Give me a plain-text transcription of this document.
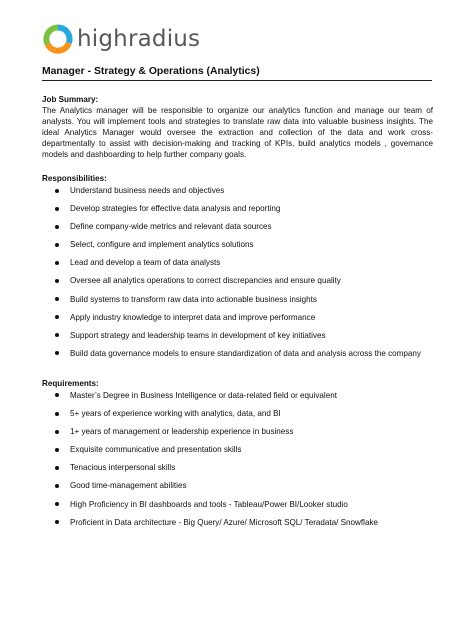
highradius
Manager - Strategy & Operations (Analytics)

Job Summary:

The Analytics manager will be responsible to organize our analytics function and manage our team of analysts. You will implement tools and strategies to translate raw data into valuable business insights. The ideal Analytics Manager would oversee the extraction and collection of the data and work cross-departmentally to assist with decision-making and tracking of KPIs, build analytics models , governance models and dashboarding to help further company goals.

Responsibilities:

Understand business needs and objectives
Develop strategies for effective data analysis and reporting
Define company-wide metrics and relevant data sources
Select, configure and implement analytics solutions
Lead and develop a team of data analysts
Oversee all analytics operations to correct discrepancies and ensure quality
Build systems to transform raw data into actionable business insights
Apply industry knowledge to interpret data and improve performance
Support strategy and leadership teams in development of key initiatives
Build data governance models to ensure standardization of data and analysis across the company

Requirements:

Master’s Degree in Business Intelligence or data-related field or equivalent
5+ years of experience working with analytics, data, and BI
1+ years of management or leadership experience in business
Exquisite communicative and presentation skills
Tenacious interpersonal skills
Good time-management abilities
High Proficiency in BI dashboards and tools - Tableau/Power BI/Looker studio
Proficient in Data architecture - Big Query/ Azure/ Microsoft SQL/ Teradata/ Snowflake
